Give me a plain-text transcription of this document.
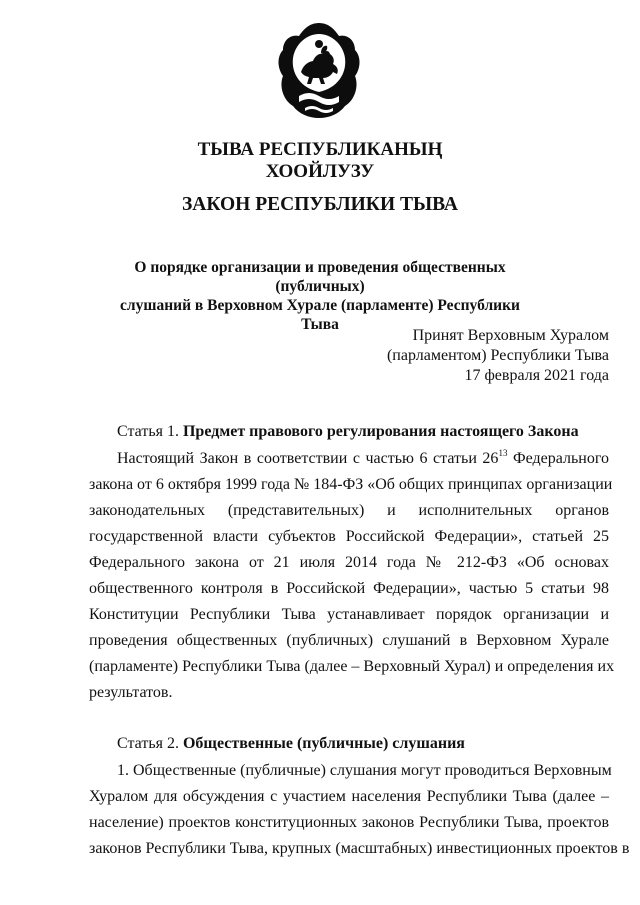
ТЫВА РЕСПУБЛИКАНЫҢ
ХООЙЛУЗУ
ЗАКОН РЕСПУБЛИКИ ТЫВА
О порядке организации и проведения общественных (публичных)
слушаний в Верховном Хурале (парламенте) Республики Тыва
Принят Верховным Хуралом
(парламентом) Республики Тыва
17 февраля 2021 года
Статья 1. Предмет правового регулирования настоящего Закона
Настоящий Закон в соответствии с частью 6 статьи $26^{13}$ Федерального
закона от 6 октября 1999 года № 184-ФЗ «Об общих принципах организации
законодательных (представительных) и исполнительных органов
государственной власти субъектов Российской Федерации», статьей 25
Федерального закона от 21 июля 2014 года № 212-ФЗ «Об основах
общественного контроля в Российской Федерации», частью 5 статьи 98
Конституции Республики Тыва устанавливает порядок организации и
проведения общественных (публичных) слушаний в Верховном Хурале
(парламенте) Республики Тыва (далее – Верховный Хурал) и определения их
результатов.
Статья 2. Общественные (публичные) слушания
1. Общественные (публичные) слушания могут проводиться Верховным
Хуралом для обсуждения с участием населения Республики Тыва (далее –
население) проектов конституционных законов Республики Тыва, проектов
законов Республики Тыва, крупных (масштабных) инвестиционных проектов в
